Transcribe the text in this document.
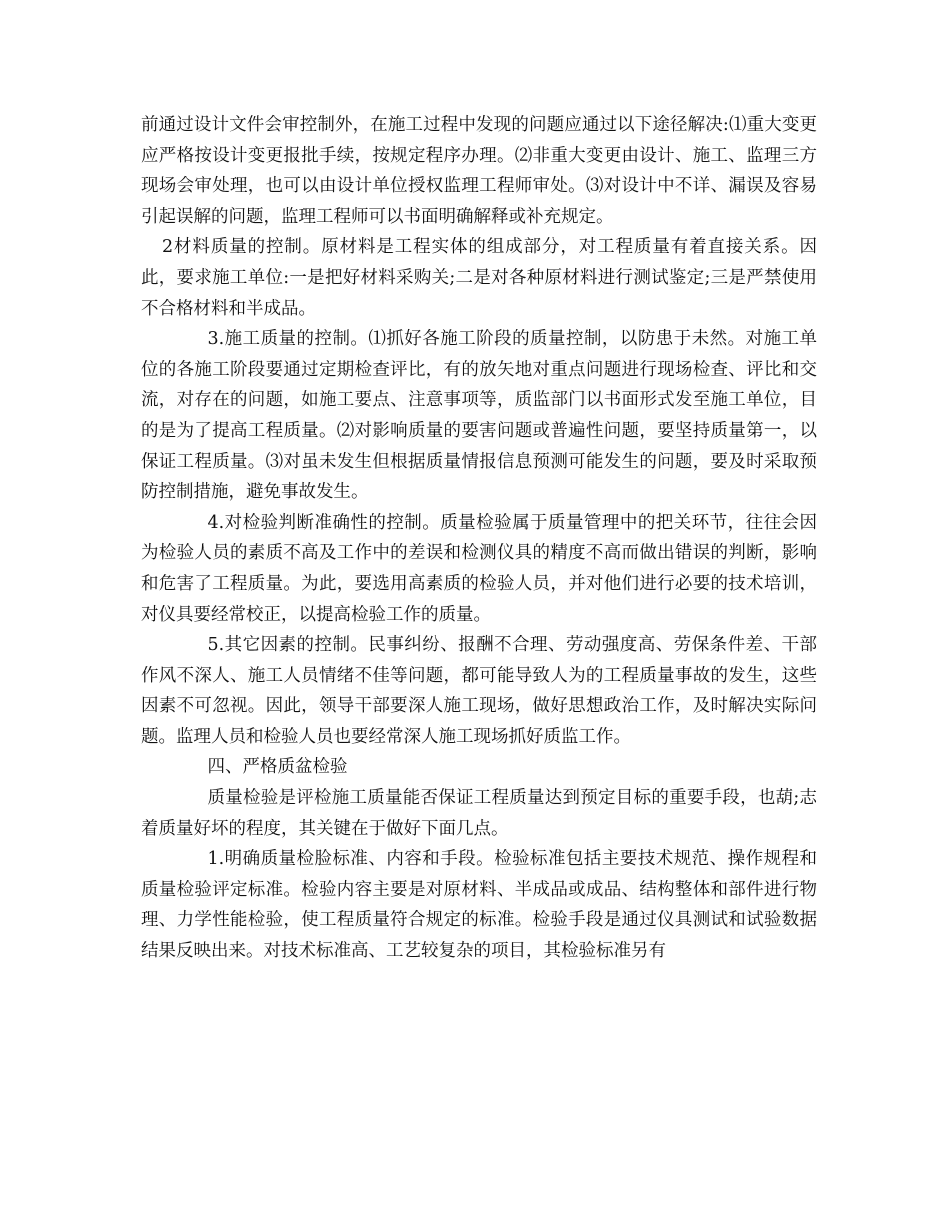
前通过设计文件会审控制外，在施工过程中发现的问题应通过以下途径解决:⑴重大变更应严格按设计变更报批手续，按规定程序办理。⑵非重大变更由设计、施工、监理三方现场会审处理，也可以由设计单位授权监理工程师审处。⑶对设计中不详、漏误及容易引起误解的问题，监理工程师可以书面明确解释或补充规定。

2材料质量的控制。原材料是工程实体的组成部分，对工程质量有着直接关系。因此，要求施工单位:一是把好材料采购关;二是对各种原材料进行测试鉴定;三是严禁使用不合格材料和半成品。

3.施工质量的控制。⑴抓好各施工阶段的质量控制，以防患于未然。对施工单位的各施工阶段要通过定期检查评比，有的放矢地对重点问题进行现场检查、评比和交流，对存在的问题，如施工要点、注意事项等，质监部门以书面形式发至施工单位，目的是为了提高工程质量。⑵对影响质量的要害问题或普遍性问题，要坚持质量第一，以保证工程质量。⑶对虽未发生但根据质量情报信息预测可能发生的问题，要及时采取预防控制措施，避免事故发生。

4.对检验判断准确性的控制。质量检验属于质量管理中的把关环节，往往会因为检验人员的素质不高及工作中的差误和检测仪具的精度不高而做出错误的判断，影响和危害了工程质量。为此，要选用高素质的检验人员，并对他们进行必要的技术培训，对仪具要经常校正，以提高检验工作的质量。

5.其它因素的控制。民事纠纷、报酬不合理、劳动强度高、劳保条件差、干部作风不深人、施工人员情绪不佳等问题，都可能导致人为的工程质量事故的发生，这些因素不可忽视。因此，领导干部要深人施工现场，做好思想政治工作，及时解决实际问题。监理人员和检验人员也要经常深人施工现场抓好质监工作。

四、严格质盆检验

质量检验是评检施工质量能否保证工程质量达到预定目标的重要手段，也葫;志着质量好坏的程度，其关键在于做好下面几点。

1.明确质量检脸标准、内容和手段。检验标准包括主要技术规范、操作规程和质量检验评定标准。检验内容主要是对原材料、半成品或成品、结构整体和部件进行物理、力学性能检验，使工程质量符合规定的标准。检验手段是通过仪具测试和试验数据结果反映出来。对技术标准高、工艺较复杂的项目，其检验标准另有
